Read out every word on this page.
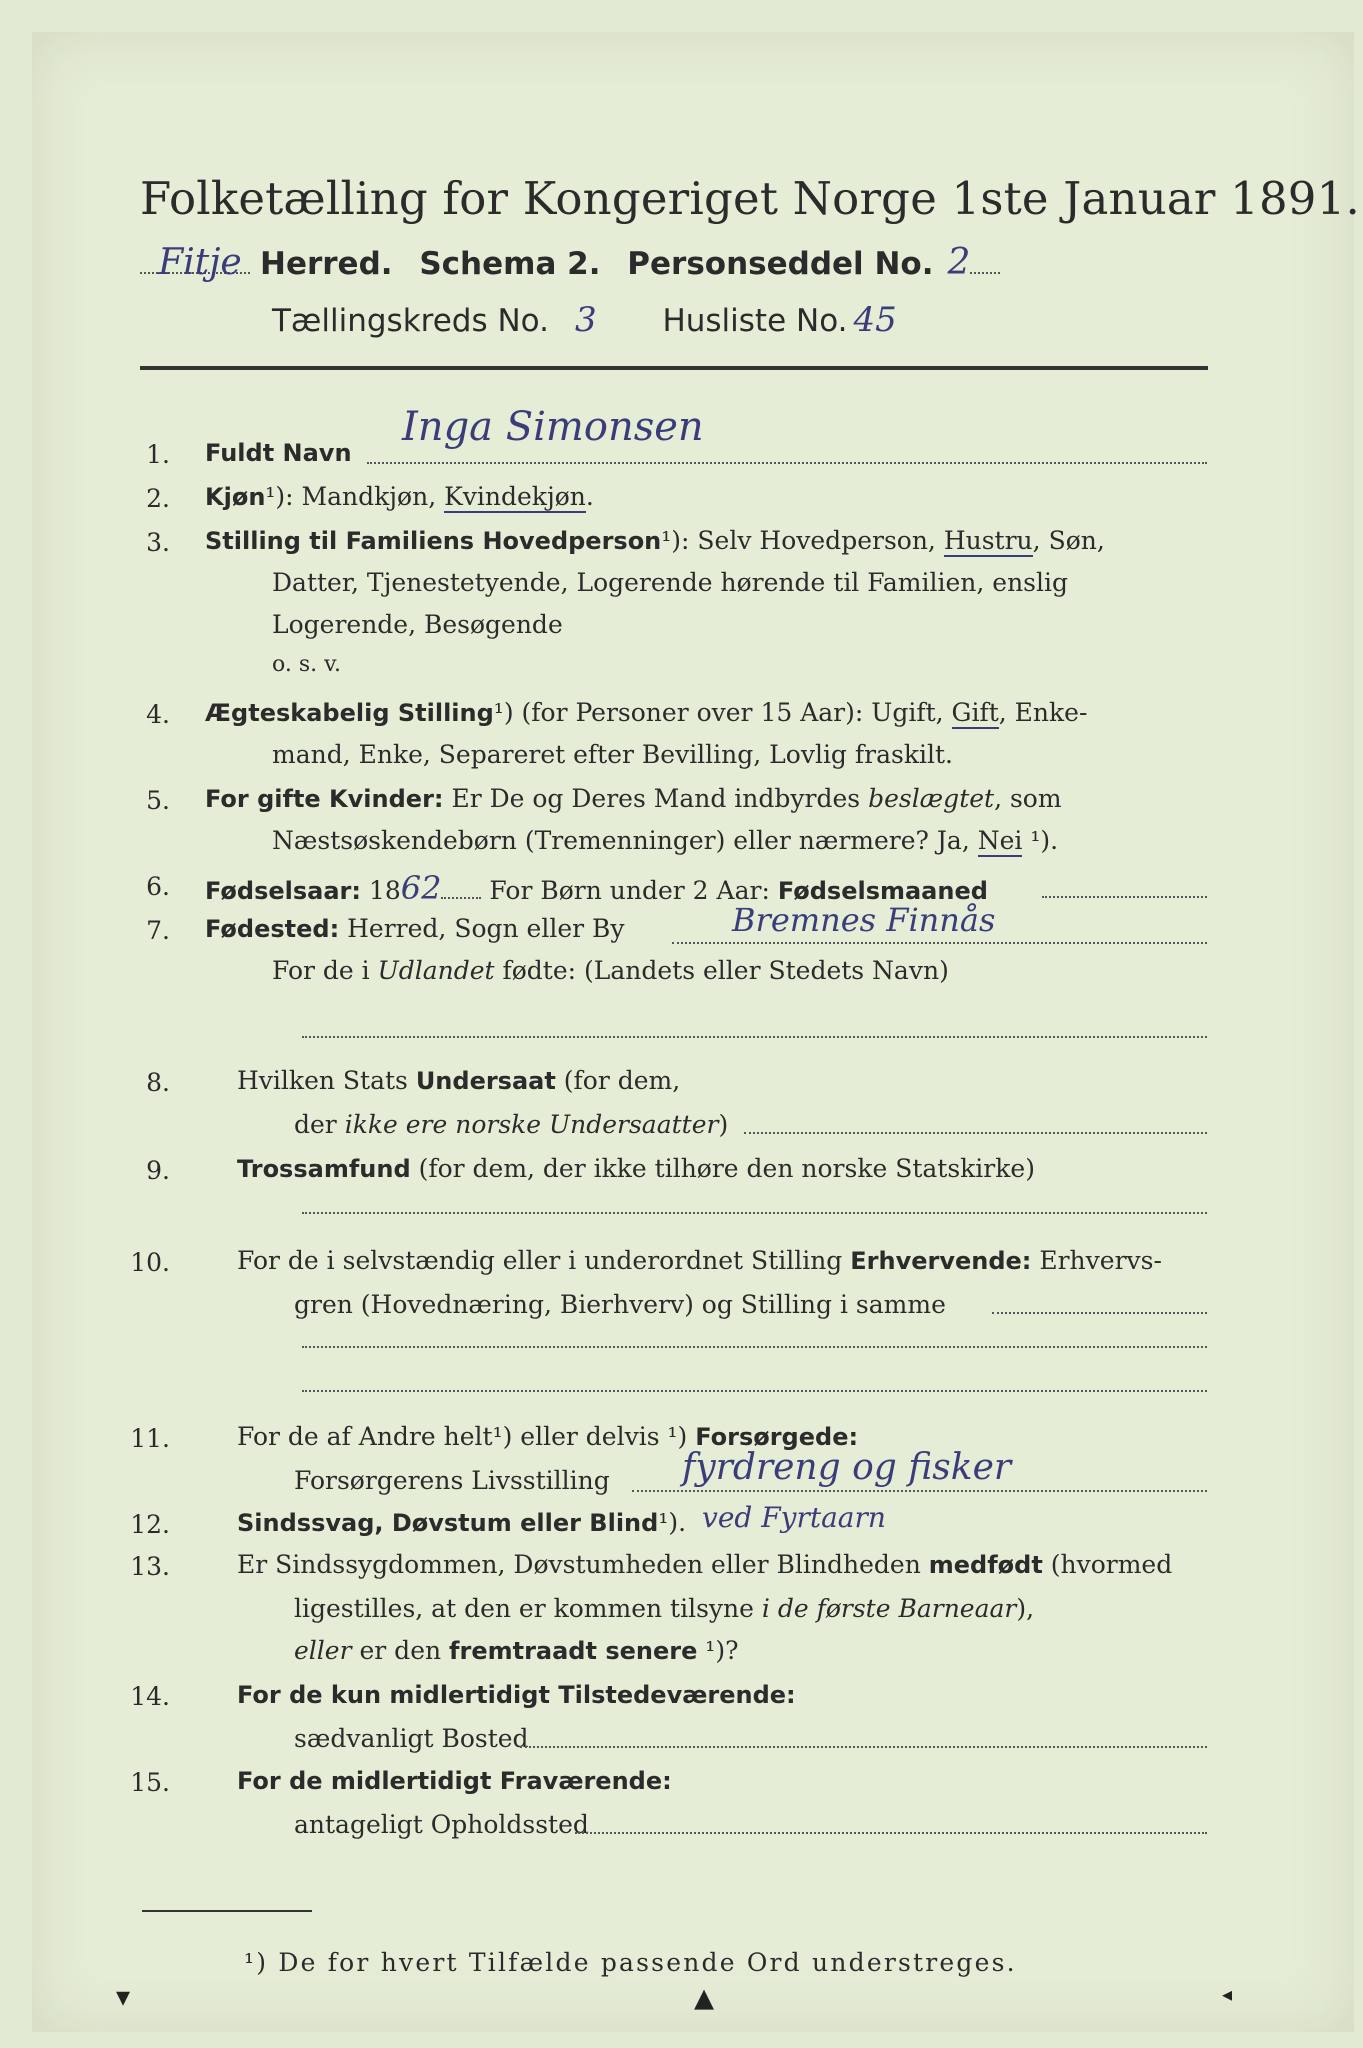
Folketælling for Kongeriget Norge 1ste Januar 1891.
Fitje Herred. Schema 2. Personseddel No. 2
Tællingskreds No. 3 Husliste No. 45
1. Fuldt Navn
Inga Simonsen
2. Kjøn¹): Mandkjøn, Kvindekjøn.
3. Stilling til Familiens Hovedperson¹): Selv Hovedperson, Hustru, Søn,
Datter, Tjenestetyende, Logerende hørende til Familien, enslig
Logerende, Besøgende
o. s. v.
4. Ægteskabelig Stilling¹) (for Personer over 15 Aar): Ugift, Gift, Enke-
mand, Enke, Separeret efter Bevilling, Lovlig fraskilt.
5. For gifte Kvinder: Er De og Deres Mand indbyrdes beslægtet, som
Næstsøskendebørn (Tremenninger) eller nærmere? Ja, Nei ¹).
6. Fødselsaar: 1862 For Børn under 2 Aar: Fødselsmaaned
7. Fødested: Herred, Sogn eller By	Bremnes Finnås
For de i Udlandet fødte: (Landets eller Stedets Navn)
8.	Hvilken Stats Undersaat (for dem,
der ikke ere norske Undersaatter)
9.	Trossamfund (for dem, der ikke tilhøre den norske Statskirke)
10.	For de i selvstændig eller i underordnet Stilling Erhvervende: Erhvervs-
gren (Hovednæring, Bierhverv) og Stilling i samme
11.	For de af Andre helt¹) eller delvis ¹) Forsørgede:
Forsørgerens Livsstilling fyrdreng og fisker
12.	Sindssvag, Døvstum eller Blind¹). ved Fyrtaarn
13.	Er Sindssygdommen, Døvstumheden eller Blindheden medfødt (hvormed
ligestilles, at den er kommen tilsyne i de første Barneaar),
eller er den fremtraadt senere ¹)?
14.	For de kun midlertidigt Tilstedeværende:
sædvanligt Bosted
15.	For de midlertidigt Fraværende:
antageligt Opholdssted
¹) De for hvert Tilfælde passende Ord understreges.
▾	▴	◂
